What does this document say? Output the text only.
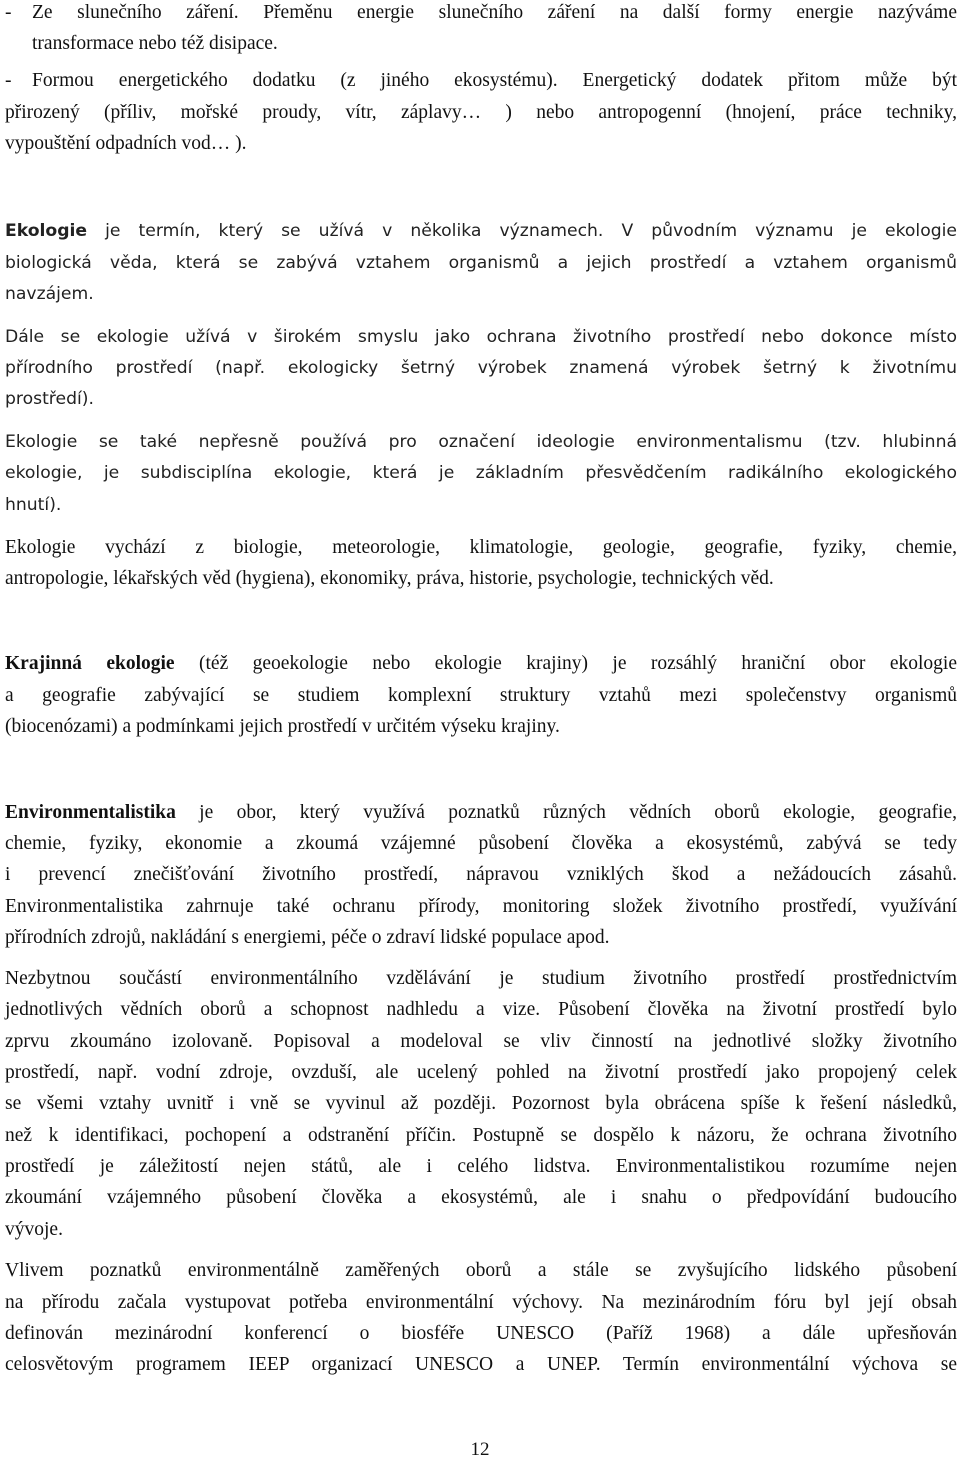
- Ze slunečního záření. Přeměnu energie slunečního záření na další formy energie nazýváme
transformace nebo též disipace.
- Formou energetického dodatku (z jiného ekosystému). Energetický dodatek přitom může být
přirozený (příliv, mořské proudy, vítr, záplavy… ) nebo antropogenní (hnojení, práce techniky,
vypouštění odpadních vod… ).
Ekologie je termín, který se užívá v několika významech. V původním významu je ekologie
biologická věda, která se zabývá vztahem organismů a jejich prostředí a vztahem organismů
navzájem.
Dále se ekologie užívá v širokém smyslu jako ochrana životního prostředí nebo dokonce místo
přírodního prostředí (např. ekologicky šetrný výrobek znamená výrobek šetrný k životnímu
prostředí).
Ekologie se také nepřesně používá pro označení ideologie environmentalismu (tzv. hlubinná
ekologie, je subdisciplína ekologie, která je základním přesvědčením radikálního ekologického
hnutí).
Ekologie vychází z biologie, meteorologie, klimatologie, geologie, geografie, fyziky, chemie,
antropologie, lékařských věd (hygiena), ekonomiky, práva, historie, psychologie, technických věd.
Krajinná ekologie (též geoekologie nebo ekologie krajiny) je rozsáhlý hraniční obor ekologie
a geografie zabývající se studiem komplexní struktury vztahů mezi společenstvy organismů
(biocenózami) a podmínkami jejich prostředí v určitém výseku krajiny.
Environmentalistika je obor, který využívá poznatků různých vědních oborů ekologie, geografie,
chemie, fyziky, ekonomie a zkoumá vzájemné působení člověka a ekosystémů, zabývá se tedy
i prevencí znečišťování životního prostředí, nápravou vzniklých škod a nežádoucích zásahů.
Environmentalistika zahrnuje také ochranu přírody, monitoring složek životního prostředí, využívání
přírodních zdrojů, nakládání s energiemi, péče o zdraví lidské populace apod.
Nezbytnou součástí environmentálního vzdělávání je studium životního prostředí prostřednictvím
jednotlivých vědních oborů a schopnost nadhledu a vize. Působení člověka na životní prostředí bylo
zprvu zkoumáno izolovaně. Popisoval a modeloval se vliv činností na jednotlivé složky životního
prostředí, např. vodní zdroje, ovzduší, ale ucelený pohled na životní prostředí jako propojený celek
se všemi vztahy uvnitř i vně se vyvinul až později. Pozornost byla obrácena spíše k řešení následků,
než k identifikaci, pochopení a odstranění příčin. Postupně se dospělo k názoru, že ochrana životního
prostředí je záležitostí nejen států, ale i celého lidstva. Environmentalistikou rozumíme nejen
zkoumání vzájemného působení člověka a ekosystémů, ale i snahu o předpovídání budoucího
vývoje.
Vlivem poznatků environmentálně zaměřených oborů a stále se zvyšujícího lidského působení
na přírodu začala vystupovat potřeba environmentální výchovy. Na mezinárodním fóru byl její obsah
definován mezinárodní konferencí o biosféře UNESCO (Paříž 1968) a dále upřesňován
celosvětovým programem IEEP organizací UNESCO a UNEP. Termín environmentální výchova se
12
